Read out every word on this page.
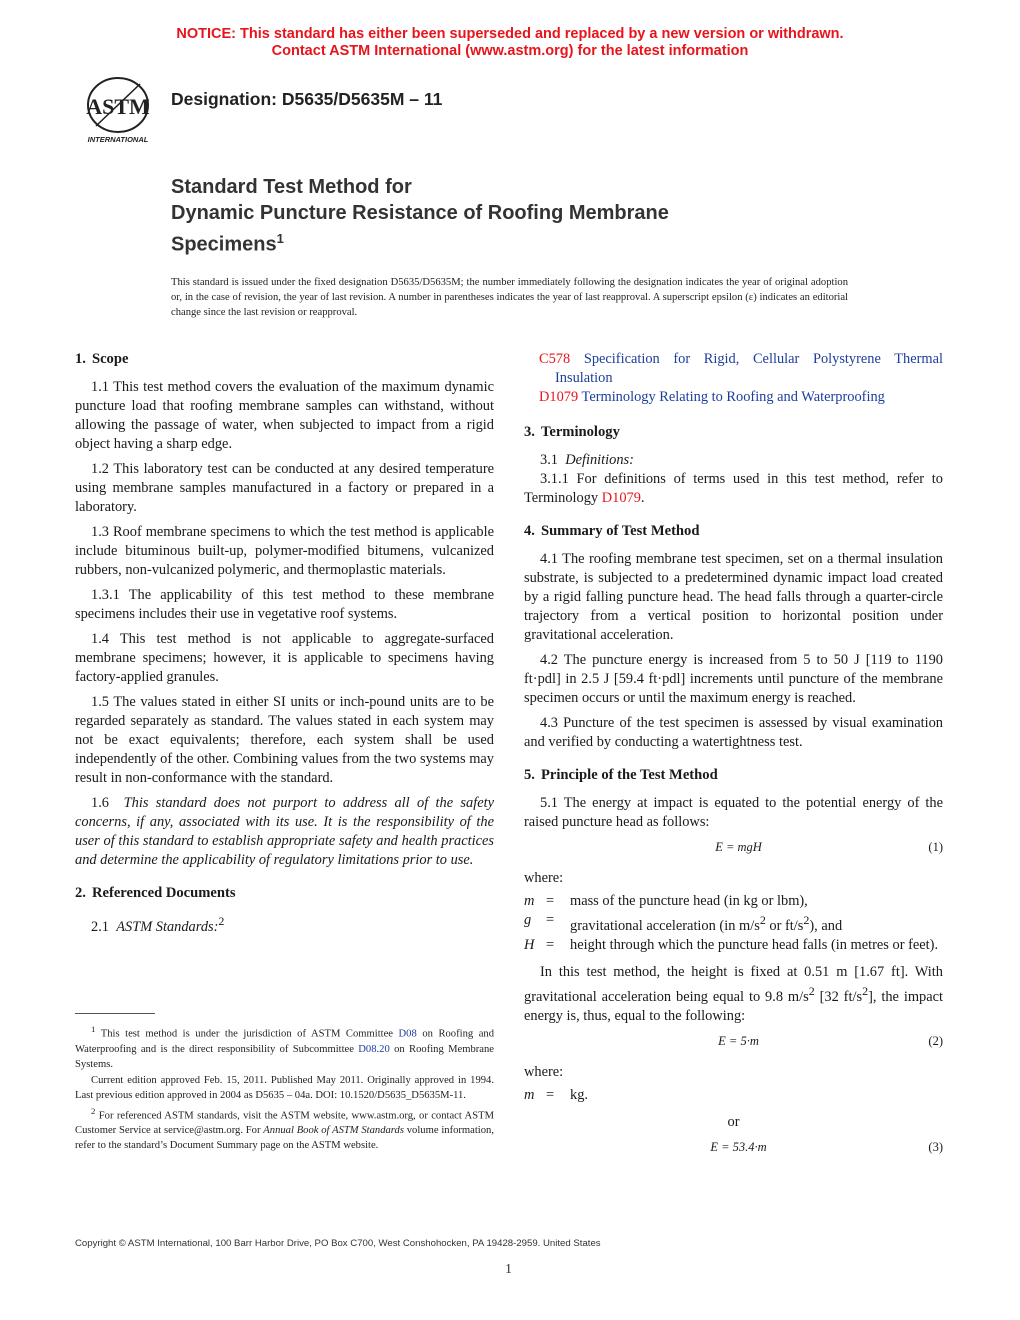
NOTICE: This standard has either been superseded and replaced by a new version or withdrawn.
Contact ASTM International (www.astm.org) for the latest information
ASTM
INTERNATIONAL
Designation: D5635/D5635M – 11
Standard Test Method for
Dynamic Puncture Resistance of Roofing Membrane
Specimens$^1$
This standard is issued under the fixed designation D5635/D5635M; the number immediately following the designation indicates the year of original adoption or, in the case of revision, the year of last revision. A number in parentheses indicates the year of last reapproval. A superscript epsilon (ε) indicates an editorial change since the last revision or reapproval.
1. Scope

1.1 This test method covers the evaluation of the maximum dynamic puncture load that roofing membrane samples can withstand, without allowing the passage of water, when subjected to impact from a rigid object having a sharp edge.

1.2 This laboratory test can be conducted at any desired temperature using membrane samples manufactured in a factory or prepared in a laboratory.

1.3 Roof membrane specimens to which the test method is applicable include bituminous built-up, polymer-modified bitumens, vulcanized rubbers, non-vulcanized polymeric, and thermoplastic materials.

1.3.1 The applicability of this test method to these membrane specimens includes their use in vegetative roof systems.

1.4 This test method is not applicable to aggregate-surfaced membrane specimens; however, it is applicable to specimens having factory-applied granules.

1.5 The values stated in either SI units or inch-pound units are to be regarded separately as standard. The values stated in each system may not be exact equivalents; therefore, each system shall be used independently of the other. Combining values from the two systems may result in non-conformance with the standard.

1.6 This standard does not purport to address all of the safety concerns, if any, associated with its use. It is the responsibility of the user of this standard to establish appropriate safety and health practices and determine the applicability of regulatory limitations prior to use.

2. Referenced Documents

2.1 ASTM Standards:$^2$

$^1$ This test method is under the jurisdiction of ASTM Committee D08 on Roofing and Waterproofing and is the direct responsibility of Subcommittee D08.20 on Roofing Membrane Systems.

Current edition approved Feb. 15, 2011. Published May 2011. Originally approved in 1994. Last previous edition approved in 2004 as D5635 – 04a. DOI: 10.1520/D5635_D5635M-11.

$^2$ For referenced ASTM standards, visit the ASTM website, www.astm.org, or contact ASTM Customer Service at service@astm.org. For Annual Book of ASTM Standards volume information, refer to the standard’s Document Summary page on the ASTM website.

C578 Specification for Rigid, Cellular Polystyrene Thermal Insulation
D1079 Terminology Relating to Roofing and Waterproofing
3. Terminology

3.1 Definitions:

3.1.1 For definitions of terms used in this test method, refer to Terminology D1079.

4. Summary of Test Method

4.1 The roofing membrane test specimen, set on a thermal insulation substrate, is subjected to a predetermined dynamic impact load created by a rigid falling puncture head. The head falls through a quarter-circle trajectory from a vertical position to horizontal position under gravitational acceleration.

4.2 The puncture energy is increased from 5 to 50 J [119 to 1190 ft·pdl] in 2.5 J [59.4 ft·pdl] increments until puncture of the membrane specimen occurs or until the maximum energy is reached.

4.3 Puncture of the test specimen is assessed by visual examination and verified by conducting a watertightness test.

5. Principle of the Test Method

5.1 The energy at impact is equated to the potential energy of the raised puncture head as follows:

E = mgH	(1)

where:

m =	mass of the puncture head (in kg or lbm),
g	=	gravitational acceleration (in $m/s^2$ or $ft/s^2$), and
H =	height through which the puncture head falls (in metres or feet).

In this test method, the height is fixed at 0.51 m [1.67 ft]. With gravitational acceleration being equal to 9.8 $m/s^2$ [32 $ft/s^2$], the impact energy is, thus, equal to the following:

E = 5·m	(2)

where:

m =	kg.

or

E = 53.4·m	(3)
Copyright © ASTM International, 100 Barr Harbor Drive, PO Box C700, West Conshohocken, PA 19428-2959. United States
1
